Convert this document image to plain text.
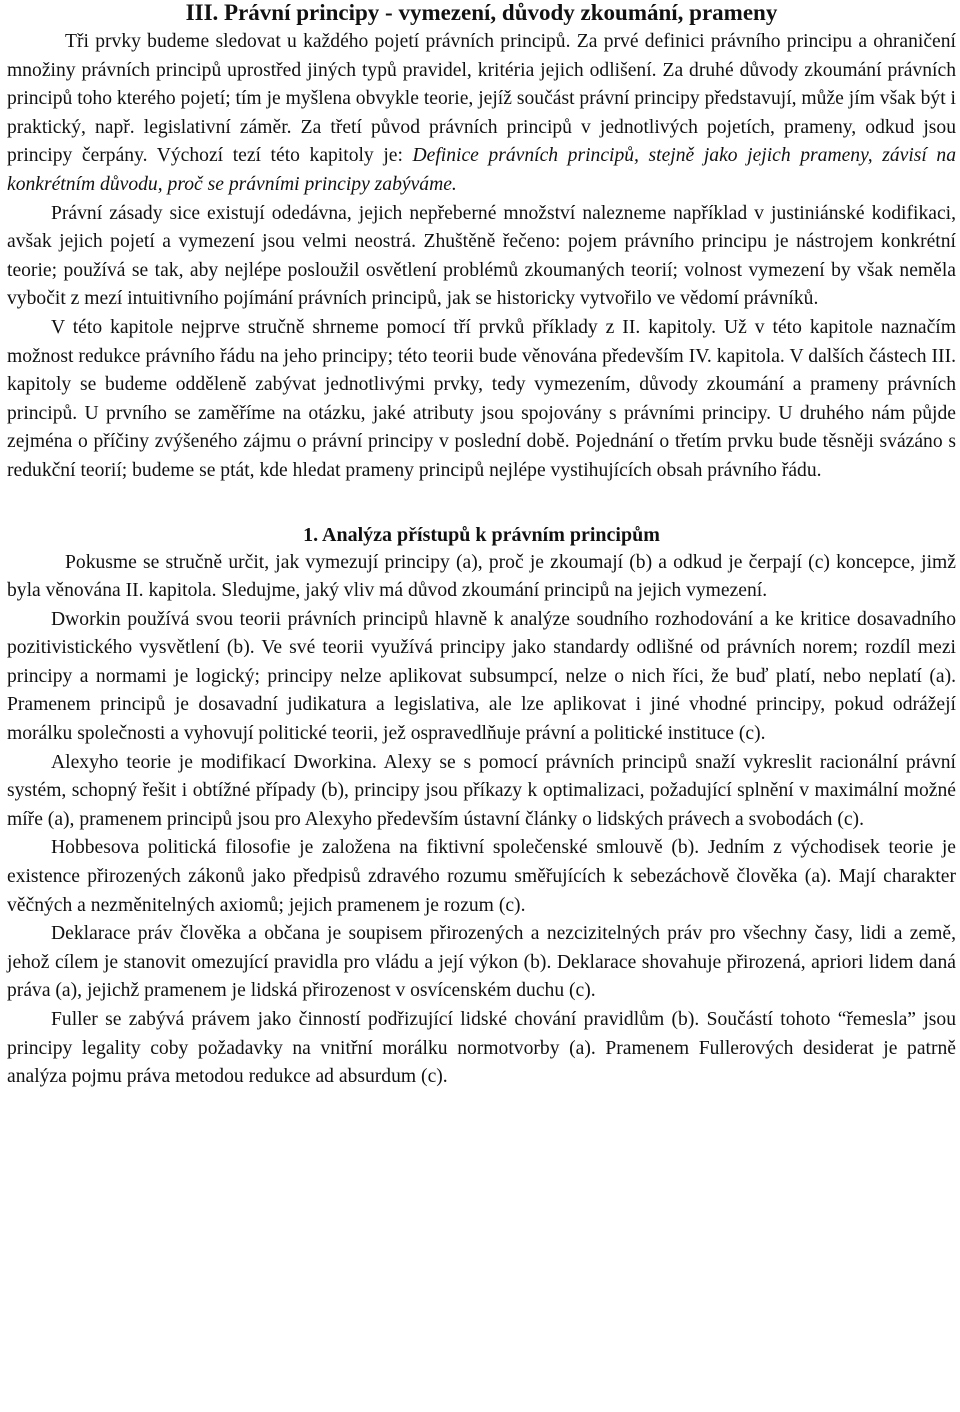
III. Právní principy - vymezení, důvody zkoumání, prameny

Tři prvky budeme sledovat u každého pojetí právních principů. Za prvé definici právního principu a ohraničení množiny právních principů uprostřed jiných typů pravidel, kritéria jejich odlišení. Za druhé důvody zkoumání právních principů toho kterého pojetí; tím je myšlena obvykle teorie, jejíž součást právní principy představují, může jím však být i praktický, např. legislativní záměr. Za třetí původ právních principů v jednotlivých pojetích, prameny, odkud jsou principy čerpány. Výchozí tezí této kapitoly je: Definice právních principů, stejně jako jejich prameny, závisí na konkrétním důvodu, proč se právními principy zabýváme.

Právní zásady sice existují odedávna, jejich nepřeberné množství nalezneme například v justiniánské kodifikaci, avšak jejich pojetí a vymezení jsou velmi neostrá. Zhuštěně řečeno: pojem právního principu je nástrojem konkrétní teorie; používá se tak, aby nejlépe posloužil osvětlení problémů zkoumaných teorií; volnost vymezení by však neměla vybočit z mezí intuitivního pojímání právních principů, jak se historicky vytvořilo ve vědomí právníků.

V této kapitole nejprve stručně shrneme pomocí tří prvků příklady z II. kapitoly. Už v této kapitole naznačím možnost redukce právního řádu na jeho principy; této teorii bude věnována především IV. kapitola. V dalších částech III. kapitoly se budeme odděleně zabývat jednotlivými prvky, tedy vymezením, důvody zkoumání a prameny právních principů. U prvního se zaměříme na otázku, jaké atributy jsou spojovány s právními principy. U druhého nám půjde zejména o příčiny zvýšeného zájmu o právní principy v poslední době. Pojednání o třetím prvku bude těsněji svázáno s redukční teorií; budeme se ptát, kde hledat prameny principů nejlépe vystihujících obsah právního řádu.

1. Analýza přístupů k právním principům

Pokusme se stručně určit, jak vymezují principy (a), proč je zkoumají (b) a odkud je čerpají (c) koncepce, jimž byla věnována II. kapitola. Sledujme, jaký vliv má důvod zkoumání principů na jejich vymezení.

Dworkin používá svou teorii právních principů hlavně k analýze soudního rozhodování a ke kritice dosavadního pozitivistického vysvětlení (b). Ve své teorii využívá principy jako standardy odlišné od právních norem; rozdíl mezi principy a normami je logický; principy nelze aplikovat subsumpcí, nelze o nich říci, že buď platí, nebo neplatí (a). Pramenem principů je dosavadní judikatura a legislativa, ale lze aplikovat i jiné vhodné principy, pokud odrážejí morálku společnosti a vyhovují politické teorii, jež ospravedlňuje právní a politické instituce (c).

Alexyho teorie je modifikací Dworkina. Alexy se s pomocí právních principů snaží vykreslit racionální právní systém, schopný řešit i obtížné případy (b), principy jsou příkazy k optimalizaci, požadující splnění v maximální možné míře (a), pramenem principů jsou pro Alexyho především ústavní články o lidských právech a svobodách (c).

Hobbesova politická filosofie je založena na fiktivní společenské smlouvě (b). Jedním z východisek teorie je existence přirozených zákonů jako předpisů zdravého rozumu směřujících k sebezáchově člověka (a). Mají charakter věčných a nezměnitelných axiomů; jejich pramenem je rozum (c).

Deklarace práv člověka a občana je soupisem přirozených a nezcizitelných práv pro všechny časy, lidi a země, jehož cílem je stanovit omezující pravidla pro vládu a její výkon (b). Deklarace shovahuje přirozená, apriori lidem daná práva (a), jejichž pramenem je lidská přirozenost v osvícenském duchu (c).

Fuller se zabývá právem jako činností podřizující lidské chování pravidlům (b). Součástí tohoto “řemesla” jsou principy legality coby požadavky na vnitřní morálku normotvorby (a). Pramenem Fullerových desiderat je patrně analýza pojmu práva metodou redukce ad absurdum (c).
